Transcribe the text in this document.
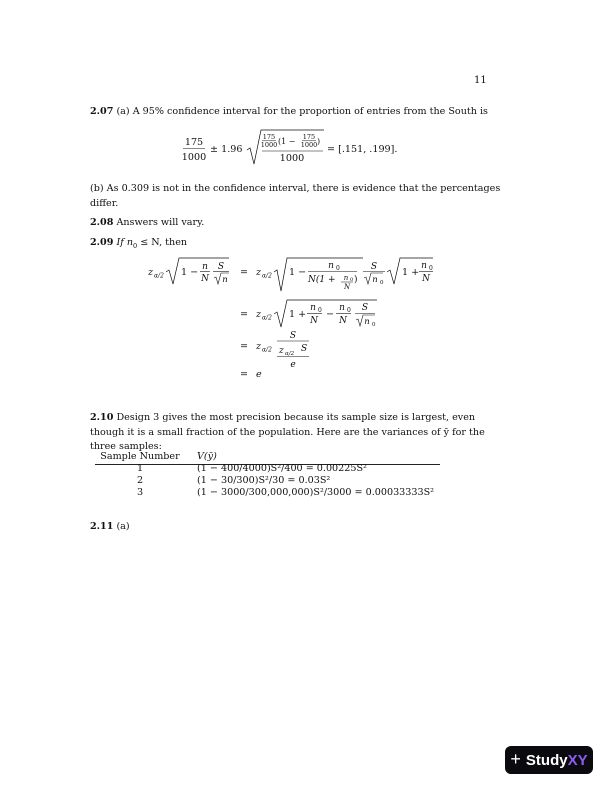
11
2.07 (a) A 95% confidence interval for the proportion of entries from the South is
175
1000
± 1.96
175
1000 (1 − 175
1000 )
1000
= [.151, .199].
(b) As 0.309 is not in the confidence interval, there is evidence that the percentages differ.
2.08 Answers will vary.
2.09 If $n_0 \le N$, then
z α/2 1 − n
N
S
n
= z α/2 1 −
n 0
N(1 + n 0
N
)
S
n 0
1 +
n 0
N
= z α/2 1 +
n 0
N
−
n 0
N
S
n 0
= z α/2
S
z α/2 S
e
= e
2.10 Design 3 gives the most precision because its sample size is largest, even though it is a small fraction of the population. Here are the variances of ȳ for the three samples:
Sample Number	V(ȳ)
1	(1 − 400/4000)S²/400 = 0.00225S²
2	(1 − 30/300)S²/30 = 0.03S²
3	(1 − 3000/300,000,000)S²/3000 = 0.00033333S²
2.11 (a)
+ StudyXY
